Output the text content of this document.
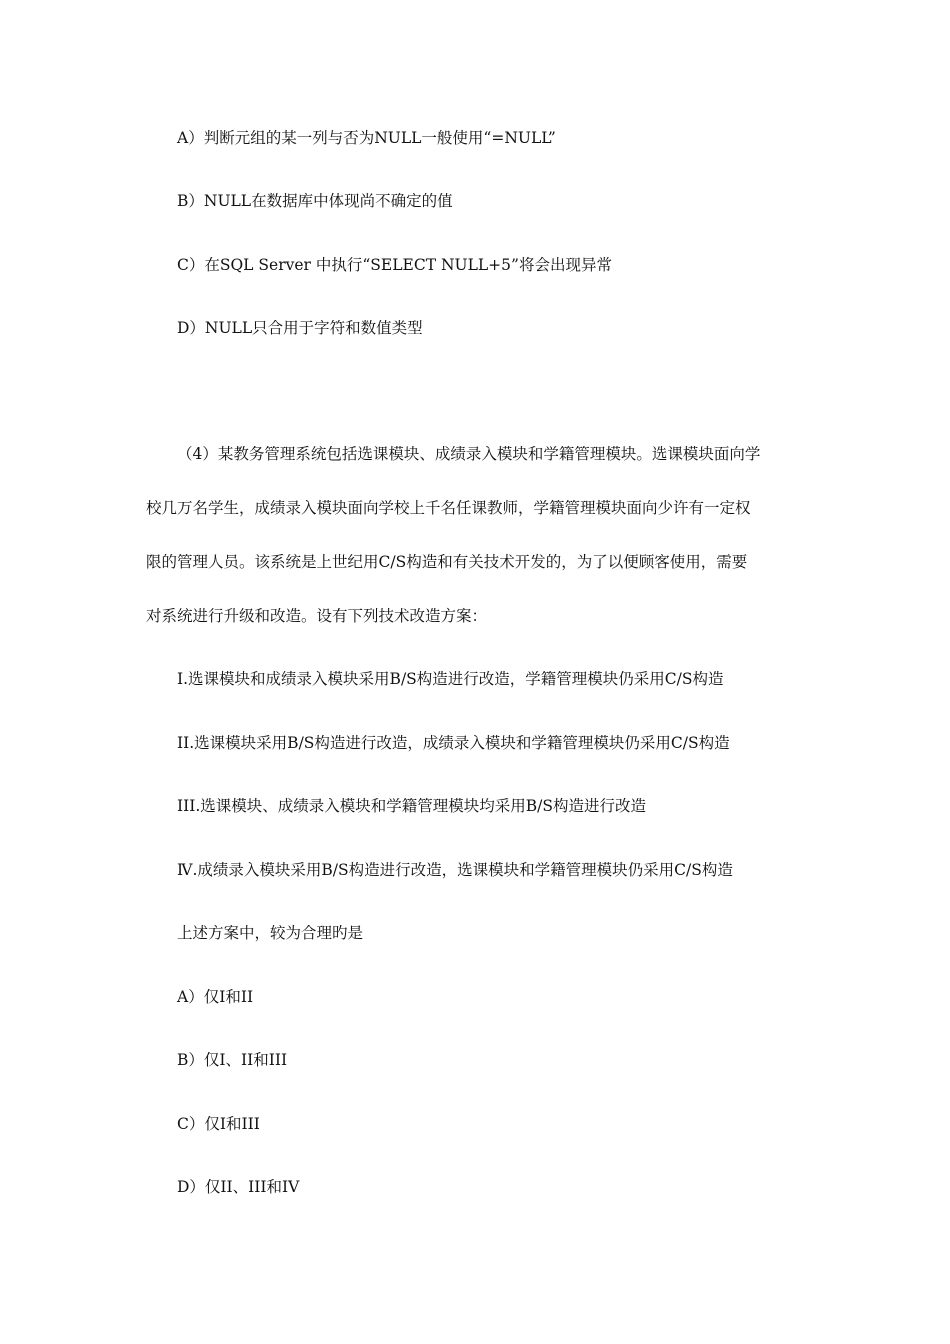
A）判断元组的某一列与否为NULL一般使用“=NULL”
B）NULL在数据库中体现尚不确定的值
C）在SQL Server 中执行“SELECT NULL+5”将会出现异常
D）NULL只合用于字符和数值类型
（4）某教务管理系统包括选课模块、成绩录入模块和学籍管理模块。选课模块面向学
校几万名学生，成绩录入模块面向学校上千名任课教师，学籍管理模块面向少许有一定权
限的管理人员。该系统是上世纪用C/S构造和有关技术开发的，为了以便顾客使用，需要
对系统进行升级和改造。设有下列技术改造方案：
I.选课模块和成绩录入模块采用B/S构造进行改造，学籍管理模块仍采用C/S构造
II.选课模块采用B/S构造进行改造，成绩录入模块和学籍管理模块仍采用C/S构造
III.选课模块、成绩录入模块和学籍管理模块均采用B/S构造进行改造
Ⅳ.成绩录入模块采用B/S构造进行改造，选课模块和学籍管理模块仍采用C/S构造
上述方案中，较为合理旳是
A）仅I和II
B）仅I、II和III
C）仅I和III
D）仅II、III和IV
